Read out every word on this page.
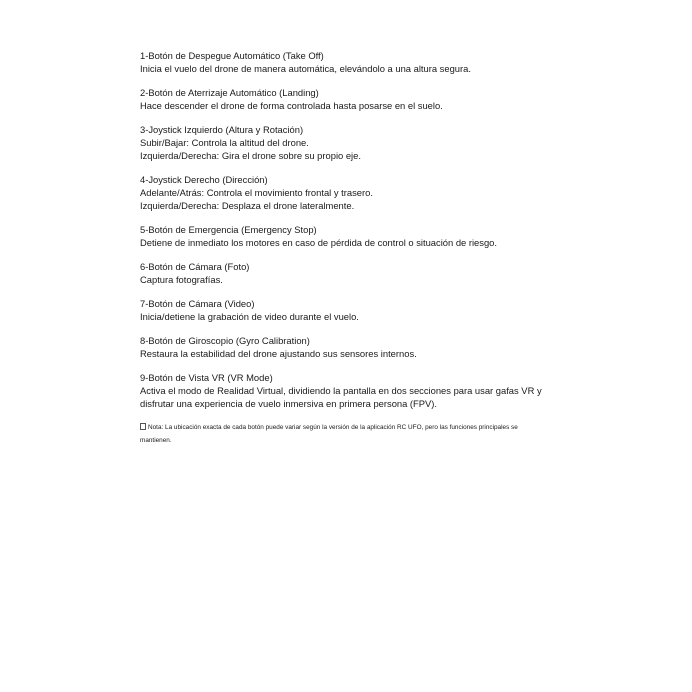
1-Botón de Despegue Automático (Take Off)
Inicia el vuelo del drone de manera automática, elevándolo a una altura segura.
2-Botón de Aterrizaje Automático (Landing)
Hace descender el drone de forma controlada hasta posarse en el suelo.
3-Joystick Izquierdo (Altura y Rotación)
Subir/Bajar: Controla la altitud del drone.
Izquierda/Derecha: Gira el drone sobre su propio eje.
4-Joystick Derecho (Dirección)
Adelante/Atrás: Controla el movimiento frontal y trasero.
Izquierda/Derecha: Desplaza el drone lateralmente.
5-Botón de Emergencia (Emergency Stop)
Detiene de inmediato los motores en caso de pérdida de control o situación de riesgo.
6-Botón de Cámara (Foto)
Captura fotografías.
7-Botón de Cámara (Video)
Inicia/detiene la grabación de video durante el vuelo.
8-Botón de Giroscopio (Gyro Calibration)
Restaura la estabilidad del drone ajustando sus sensores internos.
9-Botón de Vista VR (VR Mode)
Activa el modo de Realidad Virtual, dividiendo la pantalla en dos secciones para usar gafas VR y
disfrutar una experiencia de vuelo inmersiva en primera persona (FPV).
Nota: La ubicación exacta de cada botón puede variar según la versión de la aplicación RC UFO, pero las funciones principales se mantienen.
